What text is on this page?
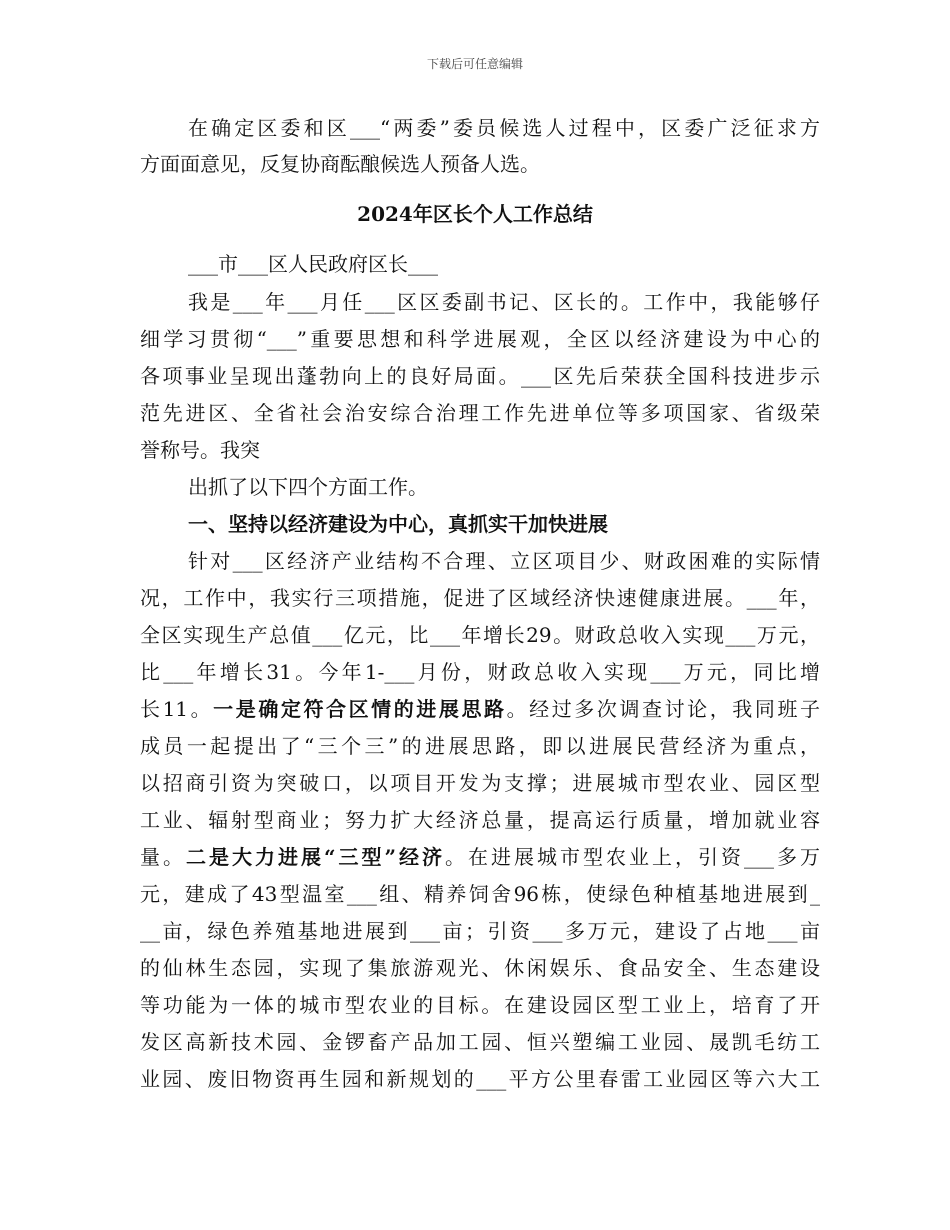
下载后可任意编辑
在确定区委和区___“两委”委员候选人过程中，区委广泛征求方
方面面意见，反复协商酝酿候选人预备人选。
2024年区长个人工作总结
___市___区人民政府区长___
我是___年___月任___区区委副书记、区长的。工作中，我能够仔
细学习贯彻“___”重要思想和科学进展观，全区以经济建设为中心的
各项事业呈现出蓬勃向上的良好局面。___区先后荣获全国科技进步示
范先进区、全省社会治安综合治理工作先进单位等多项国家、省级荣
誉称号。我突
出抓了以下四个方面工作。
一、坚持以经济建设为中心，真抓实干加快进展
针对___区经济产业结构不合理、立区项目少、财政困难的实际情
况，工作中，我实行三项措施，促进了区域经济快速健康进展。___年，
全区实现生产总值___亿元，比___年增长29。财政总收入实现___万元，
比___年增长31。今年1-___月份，财政总收入实现___万元，同比增
长11。一是确定符合区情的进展思路。经过多次调查讨论，我同班子
成员一起提出了“三个三”的进展思路，即以进展民营经济为重点，
以招商引资为突破口，以项目开发为支撑；进展城市型农业、园区型
工业、辐射型商业；努力扩大经济总量，提高运行质量，增加就业容
量。二是大力进展“三型”经济。在进展城市型农业上，引资___多万
元，建成了43型温室___组、精养饲舍96栋，使绿色种植基地进展到_
__亩，绿色养殖基地进展到___亩；引资___多万元，建设了占地___亩
的仙林生态园，实现了集旅游观光、休闲娱乐、食品安全、生态建设
等功能为一体的城市型农业的目标。在建设园区型工业上，培育了开
发区高新技术园、金锣畜产品加工园、恒兴塑编工业园、晟凯毛纺工
业园、废旧物资再生园和新规划的___平方公里春雷工业园区等六大工
